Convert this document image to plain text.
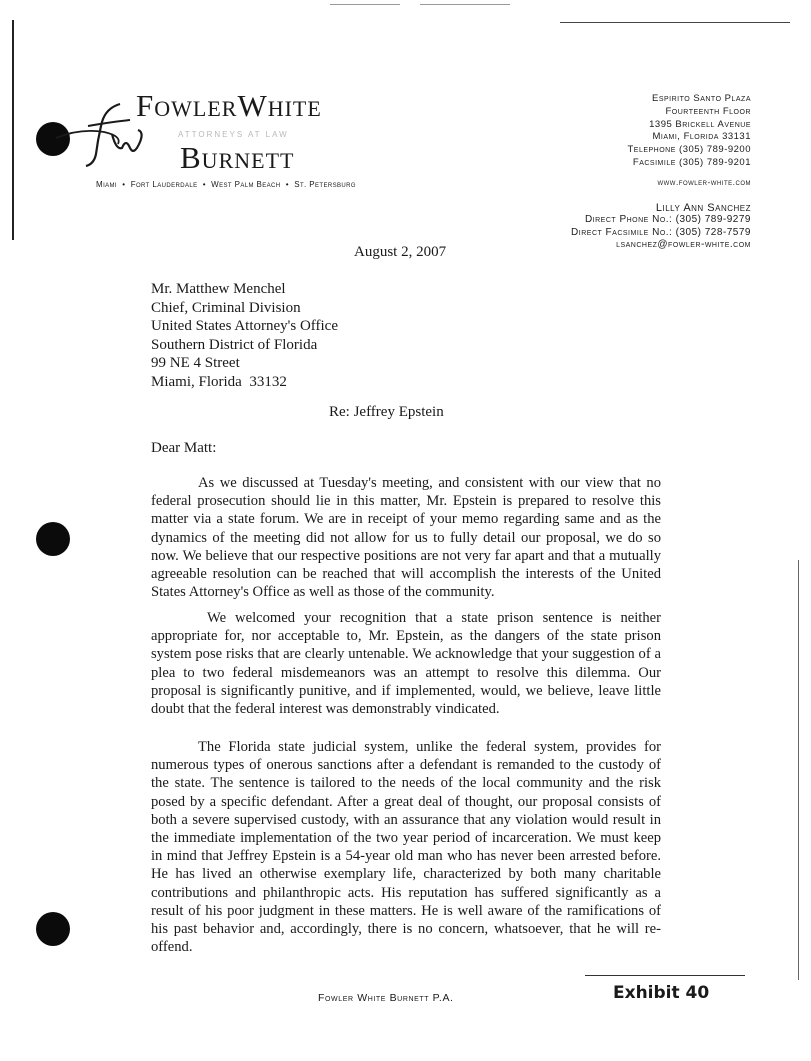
FowlerWhite
ATTORNEYS AT LAW
Burnett
Miami  •  Fort Lauderdale  •  West Palm Beach  •  St. Petersburg
Espirito Santo Plaza
Fourteenth Floor
1395 Brickell Avenue
Miami, Florida 33131
Telephone (305) 789-9200
Facsimile (305) 789-9201
www.fowler-white.com
Lilly Ann Sanchez
Direct Phone No.: (305) 789-9279
Direct Facsimile No.: (305) 728-7579
lsanchez@fowler-white.com
August 2, 2007
Mr. Matthew Menchel
Chief, Criminal Division
United States Attorney's Office
Southern District of Florida
99 NE 4 Street
Miami, Florida  33132
Re: Jeffrey Epstein
Dear Matt:
As we discussed at Tuesday's meeting, and consistent with our view that no federal prosecution should lie in this matter, Mr. Epstein is prepared to resolve this matter via a state forum. We are in receipt of your memo regarding same and as the dynamics of the meeting did not allow for us to fully detail our proposal, we do so now. We believe that our respective positions are not very far apart and that a mutually agreeable resolution can be reached that will accomplish the interests of the United States Attorney's Office as well as those of the community.
We welcomed your recognition that a state prison sentence is neither appropriate for, nor acceptable to, Mr. Epstein, as the dangers of the state prison system pose risks that are clearly untenable. We acknowledge that your suggestion of a plea to two federal misdemeanors was an attempt to resolve this dilemma. Our proposal is significantly punitive, and if implemented, would, we believe, leave little doubt that the federal interest was demonstrably vindicated.
The Florida state judicial system, unlike the federal system, provides for numerous types of onerous sanctions after a defendant is remanded to the custody of the state. The sentence is tailored to the needs of the local community and the risk posed by a specific defendant. After a great deal of thought, our proposal consists of both a severe supervised custody, with an assurance that any violation would result in the immediate implementation of the two year period of incarceration. We must keep in mind that Jeffrey Epstein is a 54-year old man who has never been arrested before. He has lived an otherwise exemplary life, characterized by both many charitable contributions and philanthropic acts. His reputation has suffered significantly as a result of his poor judgment in these matters. He is well aware of the ramifications of his past behavior and, accordingly, there is no concern, whatsoever, that he will re-offend.
Fowler White Burnett P.A.	Exhibit 40
